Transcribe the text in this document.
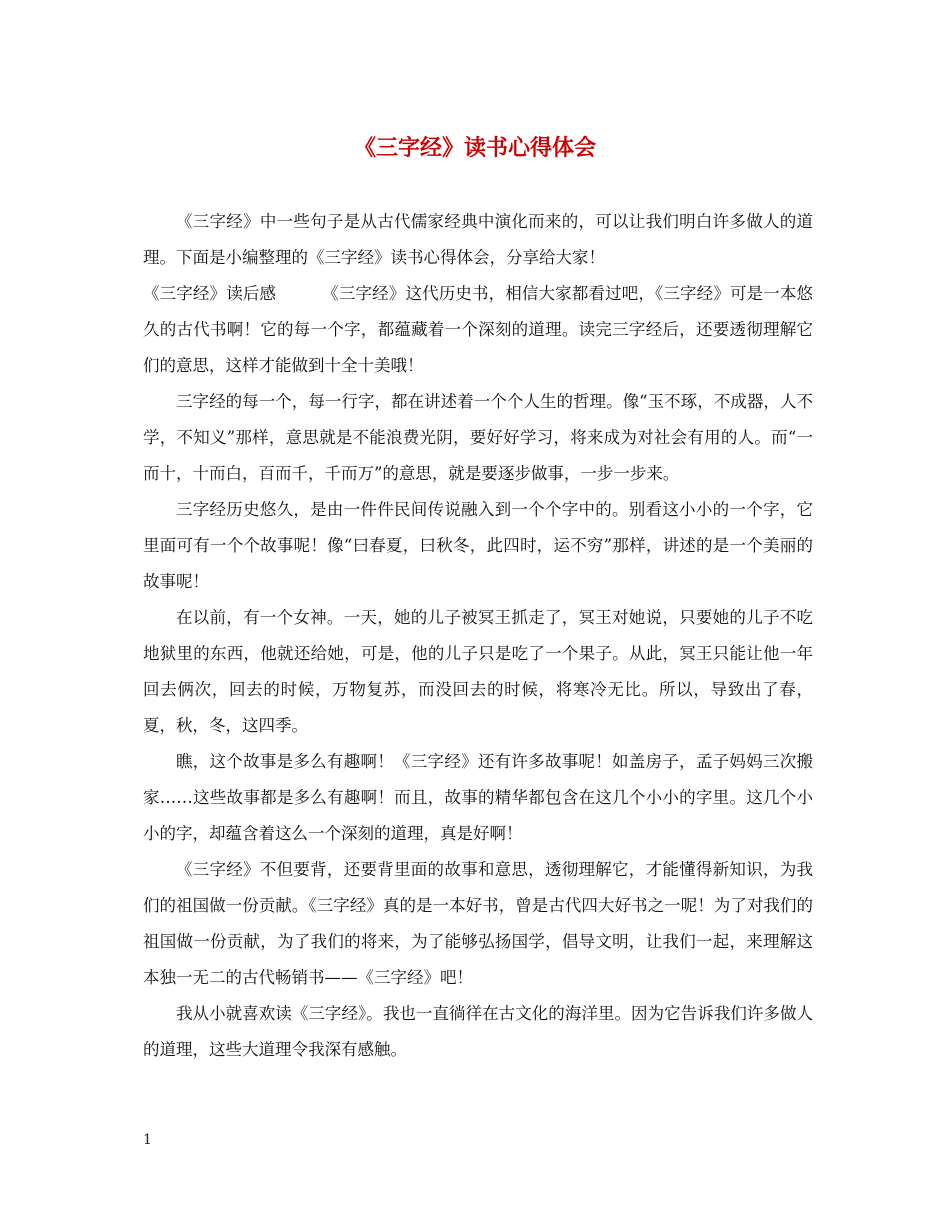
《三字经》读书心得体会

《三字经》中一些句子是从古代儒家经典中演化而来的，可以让我们明白许多做人的道理。下面是小编整理的《三字经》读书心得体会，分享给大家！

《三字经》读后感	《三字经》这代历史书，相信大家都看过吧，《三字经》可是一本悠久的古代书啊！它的每一个字，都蕴藏着一个深刻的道理。读完三字经后，还要透彻理解它们的意思，这样才能做到十全十美哦！

三字经的每一个，每一行字，都在讲述着一个个人生的哲理。像“玉不琢，不成器，人不学，不知义”那样，意思就是不能浪费光阴，要好好学习，将来成为对社会有用的人。而“一而十，十而白，百而千，千而万”的意思，就是要逐步做事，一步一步来。

三字经历史悠久，是由一件件民间传说融入到一个个字中的。别看这小小的一个字，它里面可有一个个故事呢！像“曰春夏，曰秋冬，此四时，运不穷”那样，讲述的是一个美丽的故事呢！

在以前，有一个女神。一天，她的儿子被冥王抓走了，冥王对她说，只要她的儿子不吃地狱里的东西，他就还给她，可是，他的儿子只是吃了一个果子。从此，冥王只能让他一年回去俩次，回去的时候，万物复苏，而没回去的时候，将寒冷无比。所以，导致出了春，夏，秋，冬，这四季。

瞧，这个故事是多么有趣啊！《三字经》还有许多故事呢！如盖房子，孟子妈妈三次搬家……这些故事都是多么有趣啊！而且，故事的精华都包含在这几个小小的字里。这几个小小的字，却蕴含着这么一个深刻的道理，真是好啊！

《三字经》不但要背，还要背里面的故事和意思，透彻理解它，才能懂得新知识，为我们的祖国做一份贡献。《三字经》真的是一本好书，曾是古代四大好书之一呢！为了对我们的祖国做一份贡献，为了我们的将来，为了能够弘扬国学，倡导文明，让我们一起，来理解这本独一无二的古代畅销书——《三字经》吧！

我从小就喜欢读《三字经》。我也一直徜徉在古文化的海洋里。因为它告诉我们许多做人的道理，这些大道理令我深有感触。

1
